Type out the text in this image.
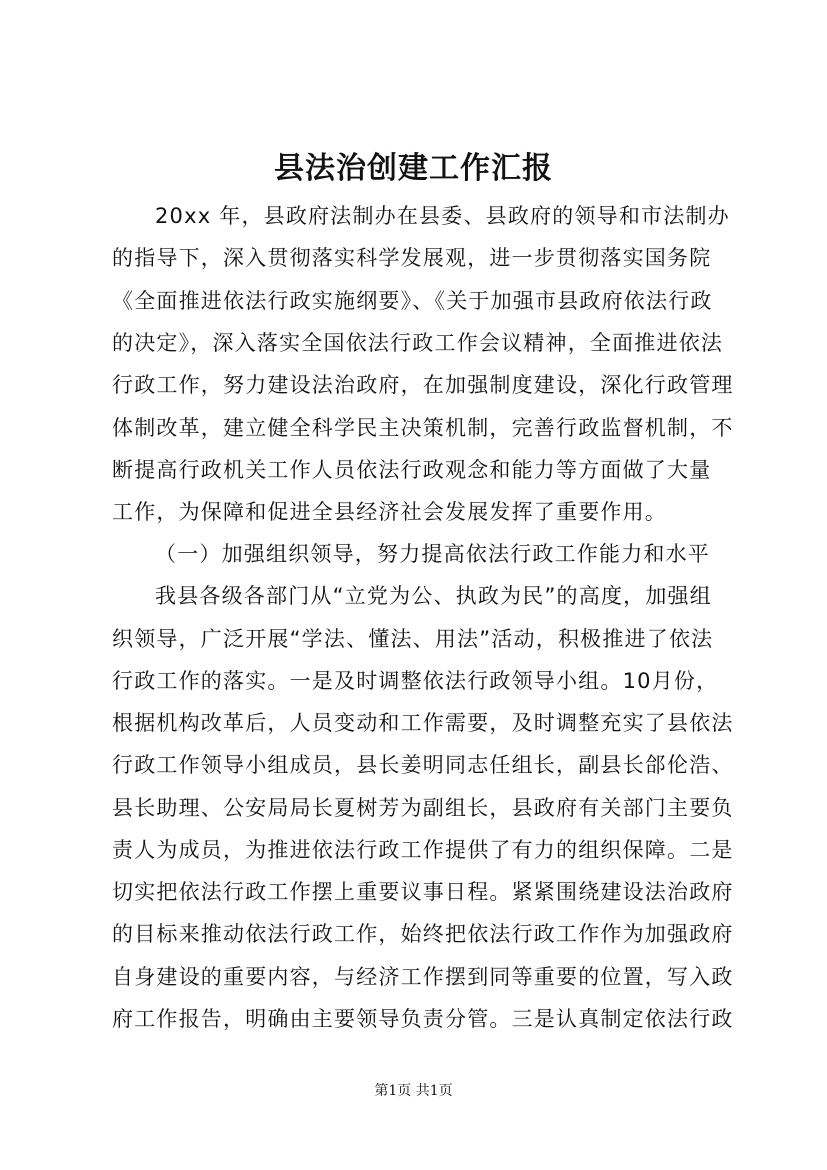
县法治创建工作汇报
20xx 年，县政府法制办在县委、县政府的领导和市法制办
的指导下，深入贯彻落实科学发展观，进一步贯彻落实国务院
《全面推进依法行政实施纲要》、《关于加强市县政府依法行政
的决定》，深入落实全国依法行政工作会议精神，全面推进依法
行政工作，努力建设法治政府，在加强制度建设，深化行政管理
体制改革，建立健全科学民主决策机制，完善行政监督机制，不
断提高行政机关工作人员依法行政观念和能力等方面做了大量
工作，为保障和促进全县经济社会发展发挥了重要作用。
（一）加强组织领导，努力提高依法行政工作能力和水平
我县各级各部门从“立党为公、执政为民”的高度，加强组
织领导，广泛开展“学法、懂法、用法”活动，积极推进了依法
行政工作的落实。一是及时调整依法行政领导小组。10月份，
根据机构改革后，人员变动和工作需要，及时调整充实了县依法
行政工作领导小组成员，县长姜明同志任组长，副县长郃伦浩、
县长助理、公安局局长夏树芳为副组长，县政府有关部门主要负
责人为成员，为推进依法行政工作提供了有力的组织保障。二是
切实把依法行政工作摆上重要议事日程。紧紧围绕建设法治政府
的目标来推动依法行政工作，始终把依法行政工作作为加强政府
自身建设的重要内容，与经济工作摆到同等重要的位置，写入政
府工作报告，明确由主要领导负责分管。三是认真制定依法行政
第1页 共1页
